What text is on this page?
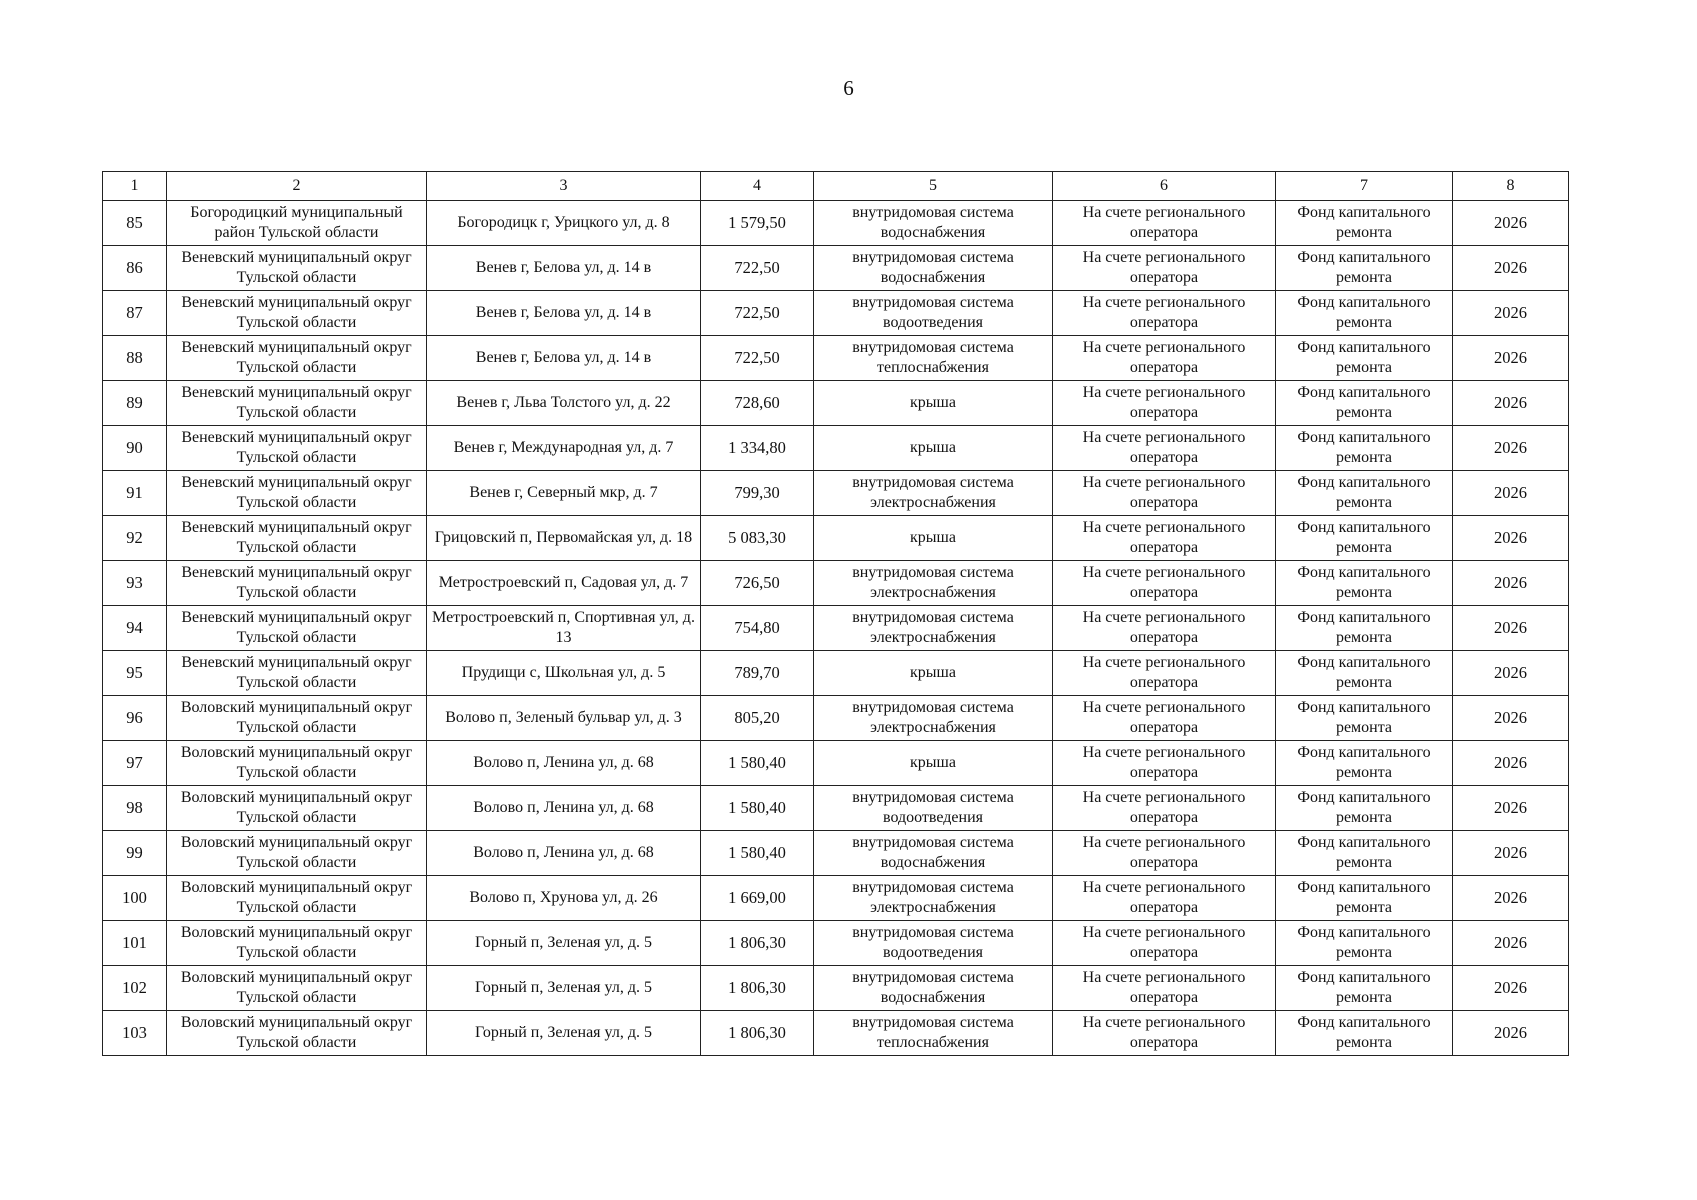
6
1	2	3	4	5	6	7	8
85	Богородицкий муниципальный район Тульской области	Богородицк г, Урицкого ул, д. 8	1 579,50	внутридомовая система водоснабжения	На счете регионального оператора	Фонд капитального ремонта	2026
86	Веневский муниципальный округ Тульской области	Венев г, Белова ул, д. 14 в	722,50	внутридомовая система водоснабжения	На счете регионального оператора	Фонд капитального ремонта	2026
87	Веневский муниципальный округ Тульской области	Венев г, Белова ул, д. 14 в	722,50	внутридомовая система водоотведения	На счете регионального оператора	Фонд капитального ремонта	2026
88	Веневский муниципальный округ Тульской области	Венев г, Белова ул, д. 14 в	722,50	внутридомовая система теплоснабжения	На счете регионального оператора	Фонд капитального ремонта	2026
89	Веневский муниципальный округ Тульской области	Венев г, Льва Толстого ул, д. 22	728,60	крыша	На счете регионального оператора	Фонд капитального ремонта	2026
90	Веневский муниципальный округ Тульской области	Венев г, Международная ул, д. 7	1 334,80	крыша	На счете регионального оператора	Фонд капитального ремонта	2026
91	Веневский муниципальный округ Тульской области	Венев г, Северный мкр, д. 7	799,30	внутридомовая система электроснабжения	На счете регионального оператора	Фонд капитального ремонта	2026
92	Веневский муниципальный округ Тульской области	Грицовский п, Первомайская ул, д. 18	5 083,30	крыша	На счете регионального оператора	Фонд капитального ремонта	2026
93	Веневский муниципальный округ Тульской области	Метростроевский п, Садовая ул, д. 7	726,50	внутридомовая система электроснабжения	На счете регионального оператора	Фонд капитального ремонта	2026
94	Веневский муниципальный округ Тульской области	Метростроевский п, Спортивная ул, д. 13	754,80	внутридомовая система электроснабжения	На счете регионального оператора	Фонд капитального ремонта	2026
95	Веневский муниципальный округ Тульской области	Прудищи с, Школьная ул, д. 5	789,70	крыша	На счете регионального оператора	Фонд капитального ремонта	2026
96	Воловский муниципальный округ Тульской области	Волово п, Зеленый бульвар ул, д. 3	805,20	внутридомовая система электроснабжения	На счете регионального оператора	Фонд капитального ремонта	2026
97	Воловский муниципальный округ Тульской области	Волово п, Ленина ул, д. 68	1 580,40	крыша	На счете регионального оператора	Фонд капитального ремонта	2026
98	Воловский муниципальный округ Тульской области	Волово п, Ленина ул, д. 68	1 580,40	внутридомовая система водоотведения	На счете регионального оператора	Фонд капитального ремонта	2026
99	Воловский муниципальный округ Тульской области	Волово п, Ленина ул, д. 68	1 580,40	внутридомовая система водоснабжения	На счете регионального оператора	Фонд капитального ремонта	2026
100	Воловский муниципальный округ Тульской области	Волово п, Хрунова ул, д. 26	1 669,00	внутридомовая система электроснабжения	На счете регионального оператора	Фонд капитального ремонта	2026
101	Воловский муниципальный округ Тульской области	Горный п, Зеленая ул, д. 5	1 806,30	внутридомовая система водоотведения	На счете регионального оператора	Фонд капитального ремонта	2026
102	Воловский муниципальный округ Тульской области	Горный п, Зеленая ул, д. 5	1 806,30	внутридомовая система водоснабжения	На счете регионального оператора	Фонд капитального ремонта	2026
103	Воловский муниципальный округ Тульской области	Горный п, Зеленая ул, д. 5	1 806,30	внутридомовая система теплоснабжения	На счете регионального оператора	Фонд капитального ремонта	2026
